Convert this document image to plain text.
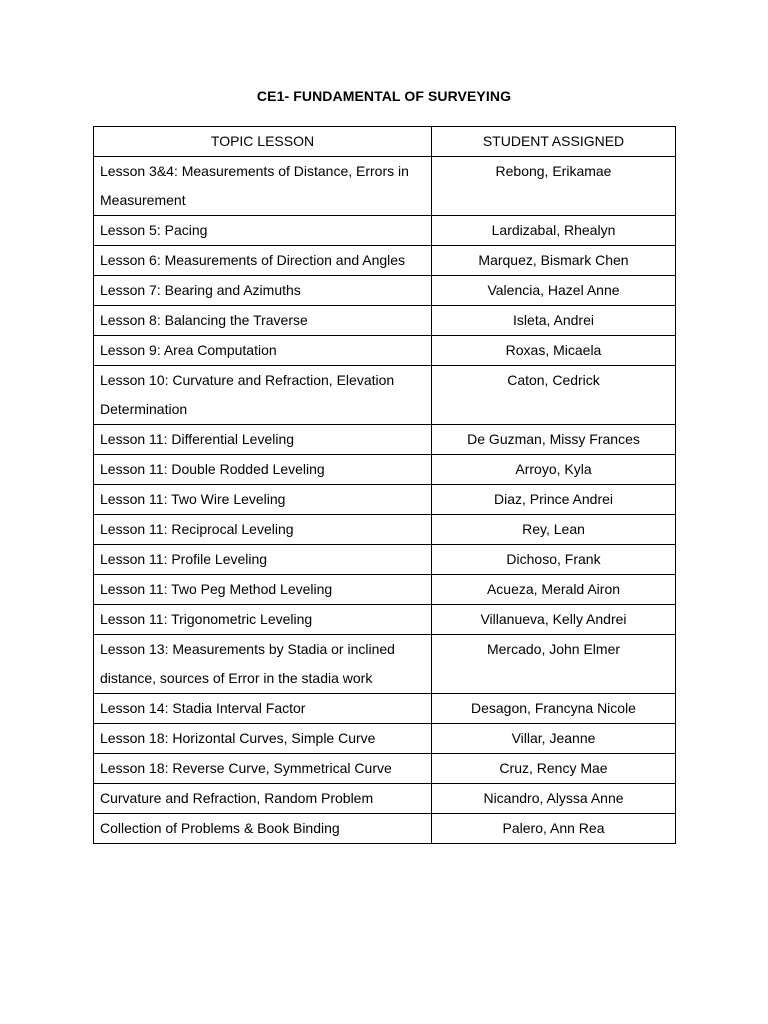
CE1- FUNDAMENTAL OF SURVEYING
TOPIC LESSON	STUDENT ASSIGNED
Lesson 3&4: Measurements of Distance, Errors in Measurement	Rebong, Erikamae
Lesson 5: Pacing	Lardizabal, Rhealyn
Lesson 6: Measurements of Direction and Angles	Marquez, Bismark Chen
Lesson 7: Bearing and Azimuths	Valencia, Hazel Anne
Lesson 8: Balancing the Traverse	Isleta, Andrei
Lesson 9: Area Computation	Roxas, Micaela
Lesson 10: Curvature and Refraction, Elevation Determination	Caton, Cedrick
Lesson 11: Differential Leveling	De Guzman, Missy Frances
Lesson 11: Double Rodded Leveling	Arroyo, Kyla
Lesson 11: Two Wire Leveling	Diaz, Prince Andrei
Lesson 11: Reciprocal Leveling	Rey, Lean
Lesson 11: Profile Leveling	Dichoso, Frank
Lesson 11: Two Peg Method Leveling	Acueza, Merald Airon
Lesson 11: Trigonometric Leveling	Villanueva, Kelly Andrei
Lesson 13: Measurements by Stadia or inclined distance, sources of Error in the stadia work	Mercado, John Elmer
Lesson 14: Stadia Interval Factor	Desagon, Francyna Nicole
Lesson 18: Horizontal Curves, Simple Curve	Villar, Jeanne
Lesson 18: Reverse Curve, Symmetrical Curve	Cruz, Rency Mae
Curvature and Refraction, Random Problem	Nicandro, Alyssa Anne
Collection of Problems & Book Binding	Palero, Ann Rea
